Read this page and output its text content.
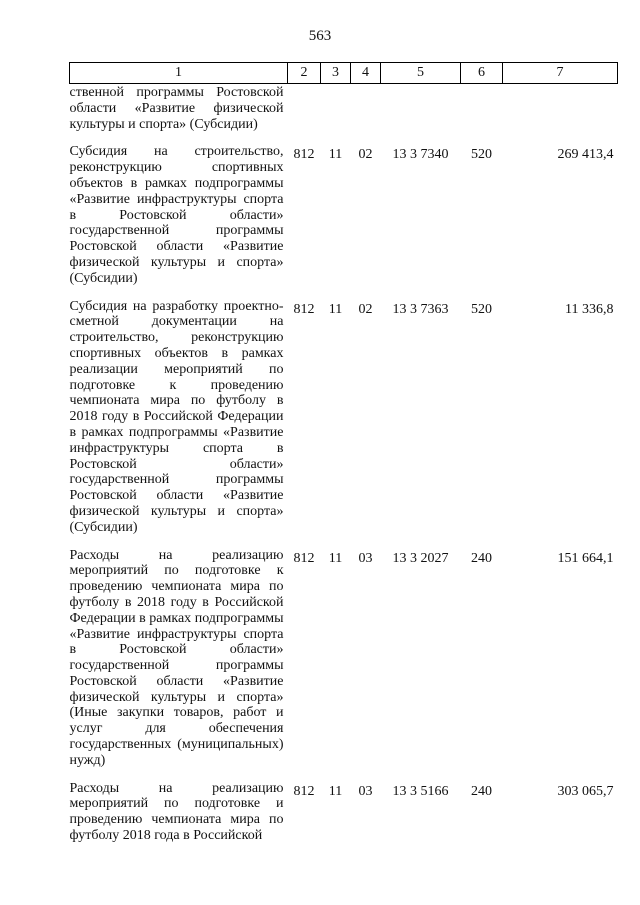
563
1	2	3	4	5	6	7
ственной программы Ростовской области «Развитие физической культуры и спорта» (Субсидии)						
Субсидия на строительство, реконструкцию спортивных объектов в рамках подпрограммы «Развитие инфраструктуры спорта в Ростовской области» государственной программы Ростовской области «Развитие физической культуры и спорта» (Субсидии)	812	11	02	13 3 7340	520	269 413,4
Субсидия на разработку проектно-сметной документации на строительство, реконструкцию спортивных объектов в рамках реализации мероприятий по подготовке к проведению чемпионата мира по футболу в 2018 году в Российской Федерации в рамках подпрограммы «Развитие инфраструктуры спорта в Ростовской области» государственной программы Ростовской области «Развитие физической культуры и спорта» (Субсидии)	812	11	02	13 3 7363	520	11 336,8
Расходы на реализацию мероприятий по подготовке к проведению чемпионата мира по футболу в 2018 году в Российской Федерации в рамках подпрограммы «Развитие инфраструктуры спорта в Ростовской области» государственной программы Ростовской области «Развитие физической культуры и спорта» (Иные закупки товаров, работ и услуг для обеспечения государственных (муниципальных) нужд)	812	11	03	13 3 2027	240	151 664,1
Расходы на реализацию мероприятий по подготовке и проведению чемпионата мира по футболу 2018 года в Российской	812	11	03	13 3 5166	240	303 065,7
